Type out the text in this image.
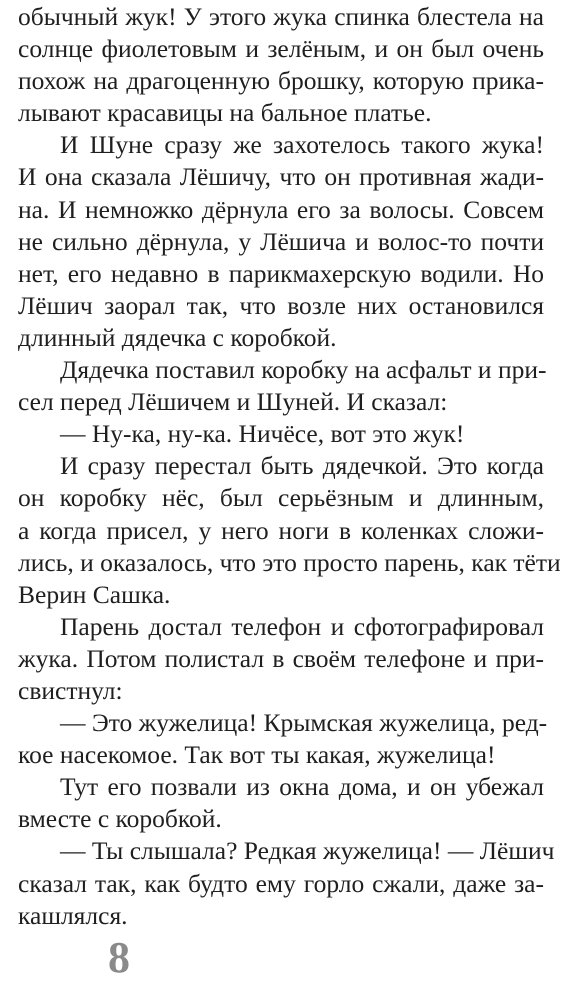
обычный жук! У этого жука спинка блестела на
солнце фиолетовым и зелёным, и он был очень
похож на драгоценную брошку, которую прика-
лывают красавицы на бальное платье.
И Шуне сразу же захотелось такого жука!
И она сказала Лёшичу, что он противная жади-
на. И немножко дёрнула его за волосы. Совсем
не сильно дёрнула, у Лёшича и волос-то почти
нет, его недавно в парикмахерскую водили. Но
Лёшич заорал так, что возле них остановился
длинный дядечка с коробкой.
Дядечка поставил коробку на асфальт и при-
сел перед Лёшичем и Шуней. И сказал:
— Ну-ка, ну-ка. Ничёсе, вот это жук!
И сразу перестал быть дядечкой. Это когда
он коробку нёс, был серьёзным и длинным,
а когда присел, у него ноги в коленках сложи-
лись, и оказалось, что это просто парень, как тёти
Верин Сашка.
Парень достал телефон и сфотографировал
жука. Потом полистал в своём телефоне и при-
свистнул:
— Это жужелица! Крымская жужелица, ред-
кое насекомое. Так вот ты какая, жужелица!
Тут его позвали из окна дома, и он убежал
вместе с коробкой.
— Ты слышала? Редкая жужелица! — Лёшич
сказал так, как будто ему горло сжали, даже за-
кашлялся.
8
